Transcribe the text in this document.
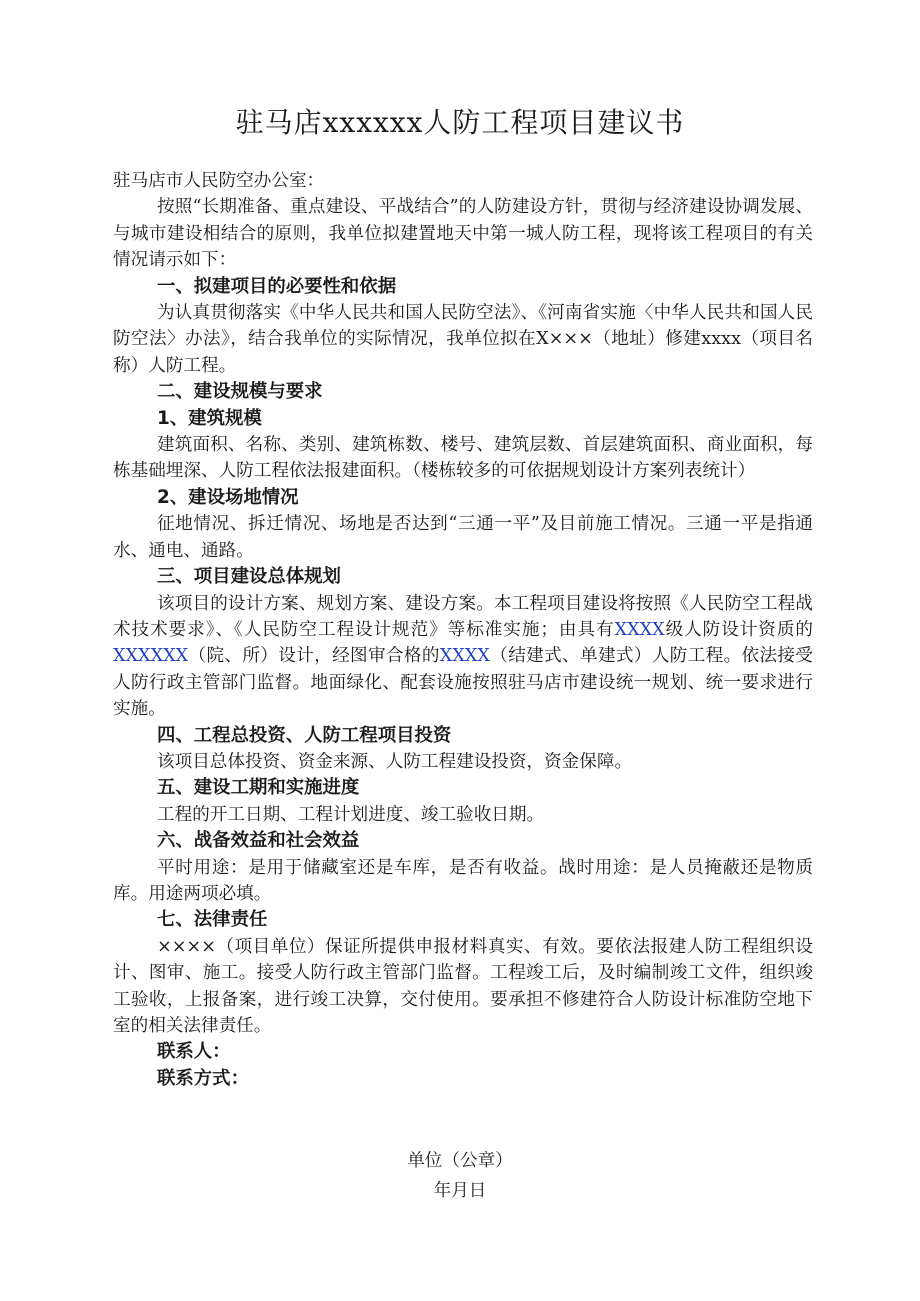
驻马店xxxxxx人防工程项目建议书

驻马店市人民防空办公室：

按照“长期准备、重点建设、平战结合”的人防建设方针，贯彻与经济建设协调发展、与城市建设相结合的原则，我单位拟建置地天中第一城人防工程，现将该工程项目的有关情况请示如下：

一、拟建项目的必要性和依据

为认真贯彻落实《中华人民共和国人民防空法》、《河南省实施〈中华人民共和国人民防空法〉办法》，结合我单位的实际情况，我单位拟在X×××（地址）修建xxxx（项目名称）人防工程。

二、建设规模与要求

1、建筑规模

建筑面积、名称、类别、建筑栋数、楼号、建筑层数、首层建筑面积、商业面积，每栋基础埋深、人防工程依法报建面积。（楼栋较多的可依据规划设计方案列表统计）

2、建设场地情况

征地情况、拆迁情况、场地是否达到“三通一平”及目前施工情况。三通一平是指通水、通电、通路。

三、项目建设总体规划

该项目的设计方案、规划方案、建设方案。本工程项目建设将按照《人民防空工程战术技术要求》、《人民防空工程设计规范》等标准实施；由具有XXXX级人防设计资质的XXXXXX（院、所）设计，经图审合格的XXXX（结建式、单建式）人防工程。依法接受人防行政主管部门监督。地面绿化、配套设施按照驻马店市建设统一规划、统一要求进行实施。

四、工程总投资、人防工程项目投资

该项目总体投资、资金来源、人防工程建设投资，资金保障。

五、建设工期和实施进度

工程的开工日期、工程计划进度、竣工验收日期。

六、战备效益和社会效益

平时用途：是用于储藏室还是车库，是否有收益。战时用途：是人员掩蔽还是物质库。用途两项必填。

七、法律责任

××××（项目单位）保证所提供申报材料真实、有效。要依法报建人防工程组织设计、图审、施工。接受人防行政主管部门监督。工程竣工后，及时编制竣工文件，组织竣工验收，上报备案，进行竣工决算，交付使用。要承担不修建符合人防设计标准防空地下室的相关法律责任。

联系人：

联系方式：

单位（公章）

年月日
